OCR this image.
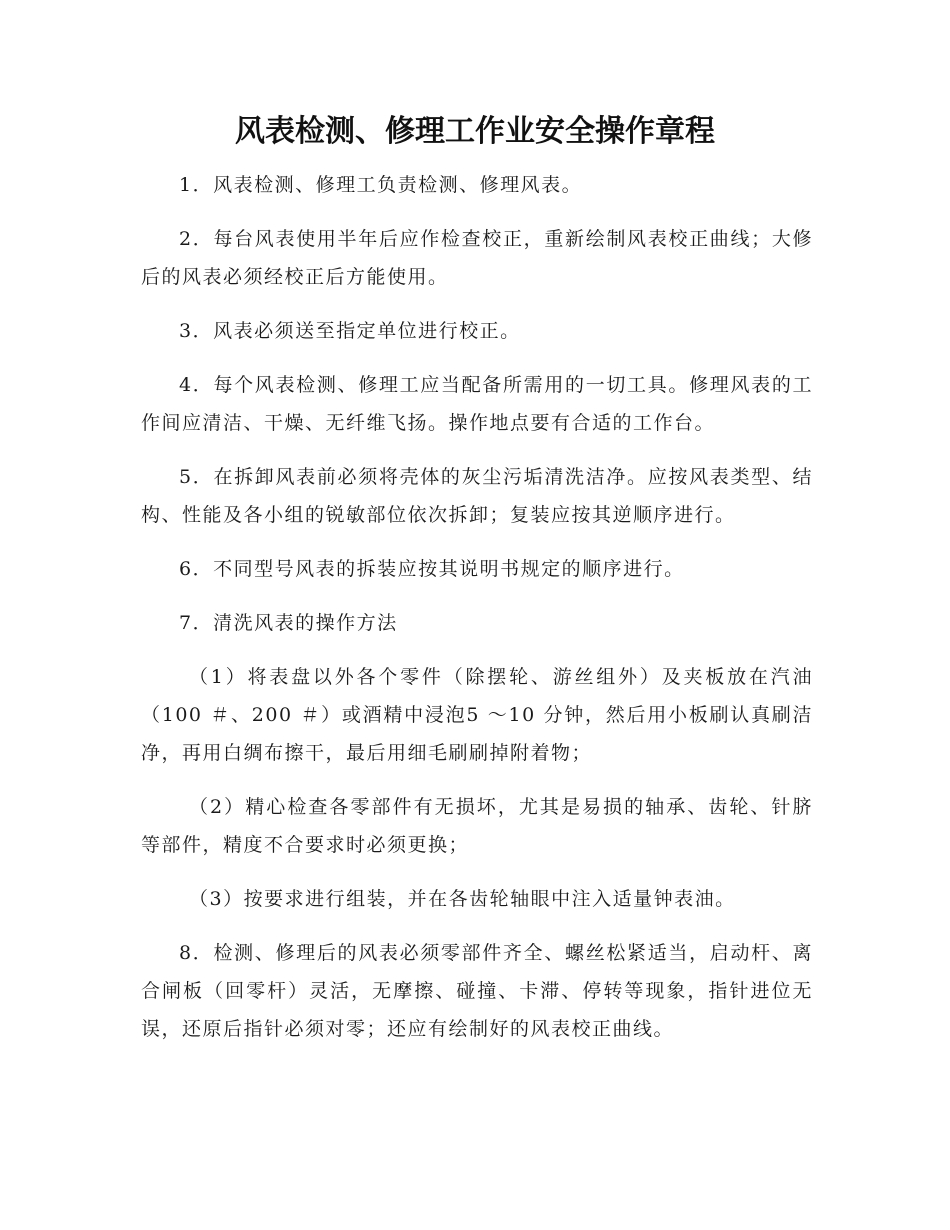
风表检测、修理工作业安全操作章程

1．风表检测、修理工负责检测、修理风表。

2．每台风表使用半年后应作检查校正，重新绘制风表校正曲线；大修后的风表必须经校正后方能使用。

3．风表必须送至指定单位进行校正。

4．每个风表检测、修理工应当配备所需用的一切工具。修理风表的工作间应清洁、干燥、无纤维飞扬。操作地点要有合适的工作台。

5．在拆卸风表前必须将壳体的灰尘污垢清洗洁净。应按风表类型、结构、性能及各小组的锐敏部位依次拆卸；复装应按其逆顺序进行。

6．不同型号风表的拆装应按其说明书规定的顺序进行。

7．清洗风表的操作方法

（1）将表盘以外各个零件（除摆轮、游丝组外）及夹板放在汽油（100 ＃、200 ＃）或酒精中浸泡5 ～10 分钟，然后用小板刷认真刷洁净，再用白绸布擦干，最后用细毛刷刷掉附着物；

（2）精心检查各零部件有无损坏，尤其是易损的轴承、齿轮、针脐等部件，精度不合要求时必须更换；

（3）按要求进行组装，并在各齿轮轴眼中注入适量钟表油。

8．检测、修理后的风表必须零部件齐全、螺丝松紧适当，启动杆、离合闸板（回零杆）灵活，无摩擦、碰撞、卡滞、停转等现象，指针进位无误，还原后指针必须对零；还应有绘制好的风表校正曲线。
